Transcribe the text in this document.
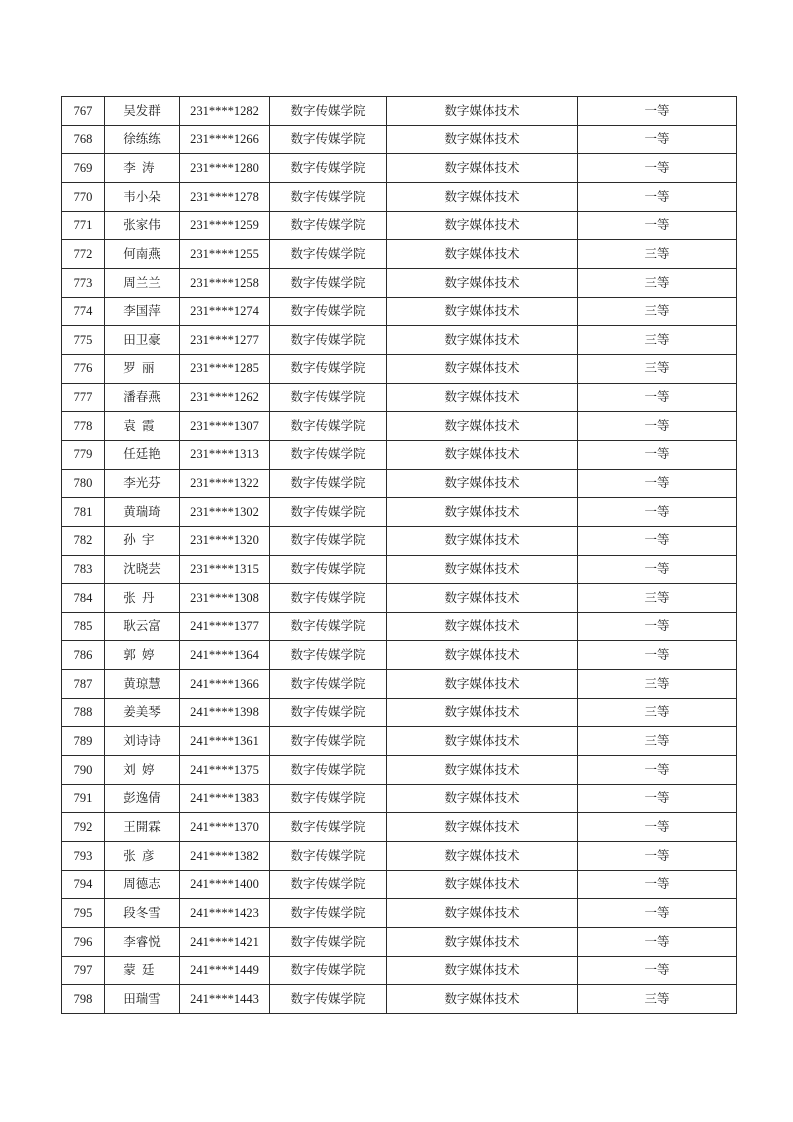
767	吴发群	231****1282	数字传媒学院	数字媒体技术	一等
768	徐练练	231****1266	数字传媒学院	数字媒体技术	一等
769	李涛	231****1280	数字传媒学院	数字媒体技术	一等
770	韦小朵	231****1278	数字传媒学院	数字媒体技术	一等
771	张家伟	231****1259	数字传媒学院	数字媒体技术	一等
772	何南燕	231****1255	数字传媒学院	数字媒体技术	三等
773	周兰兰	231****1258	数字传媒学院	数字媒体技术	三等
774	李国萍	231****1274	数字传媒学院	数字媒体技术	三等
775	田卫豪	231****1277	数字传媒学院	数字媒体技术	三等
776	罗丽	231****1285	数字传媒学院	数字媒体技术	三等
777	潘春燕	231****1262	数字传媒学院	数字媒体技术	一等
778	袁霞	231****1307	数字传媒学院	数字媒体技术	一等
779	任廷艳	231****1313	数字传媒学院	数字媒体技术	一等
780	李光芬	231****1322	数字传媒学院	数字媒体技术	一等
781	黄瑞琦	231****1302	数字传媒学院	数字媒体技术	一等
782	孙宇	231****1320	数字传媒学院	数字媒体技术	一等
783	沈晓芸	231****1315	数字传媒学院	数字媒体技术	一等
784	张丹	231****1308	数字传媒学院	数字媒体技术	三等
785	耿云富	241****1377	数字传媒学院	数字媒体技术	一等
786	郭婷	241****1364	数字传媒学院	数字媒体技术	一等
787	黄琼慧	241****1366	数字传媒学院	数字媒体技术	三等
788	姜美琴	241****1398	数字传媒学院	数字媒体技术	三等
789	刘诗诗	241****1361	数字传媒学院	数字媒体技术	三等
790	刘婷	241****1375	数字传媒学院	数字媒体技术	一等
791	彭逸倩	241****1383	数字传媒学院	数字媒体技术	一等
792	王開霖	241****1370	数字传媒学院	数字媒体技术	一等
793	张彦	241****1382	数字传媒学院	数字媒体技术	一等
794	周德志	241****1400	数字传媒学院	数字媒体技术	一等
795	段冬雪	241****1423	数字传媒学院	数字媒体技术	一等
796	李睿悦	241****1421	数字传媒学院	数字媒体技术	一等
797	蒙廷	241****1449	数字传媒学院	数字媒体技术	一等
798	田瑞雪	241****1443	数字传媒学院	数字媒体技术	三等
